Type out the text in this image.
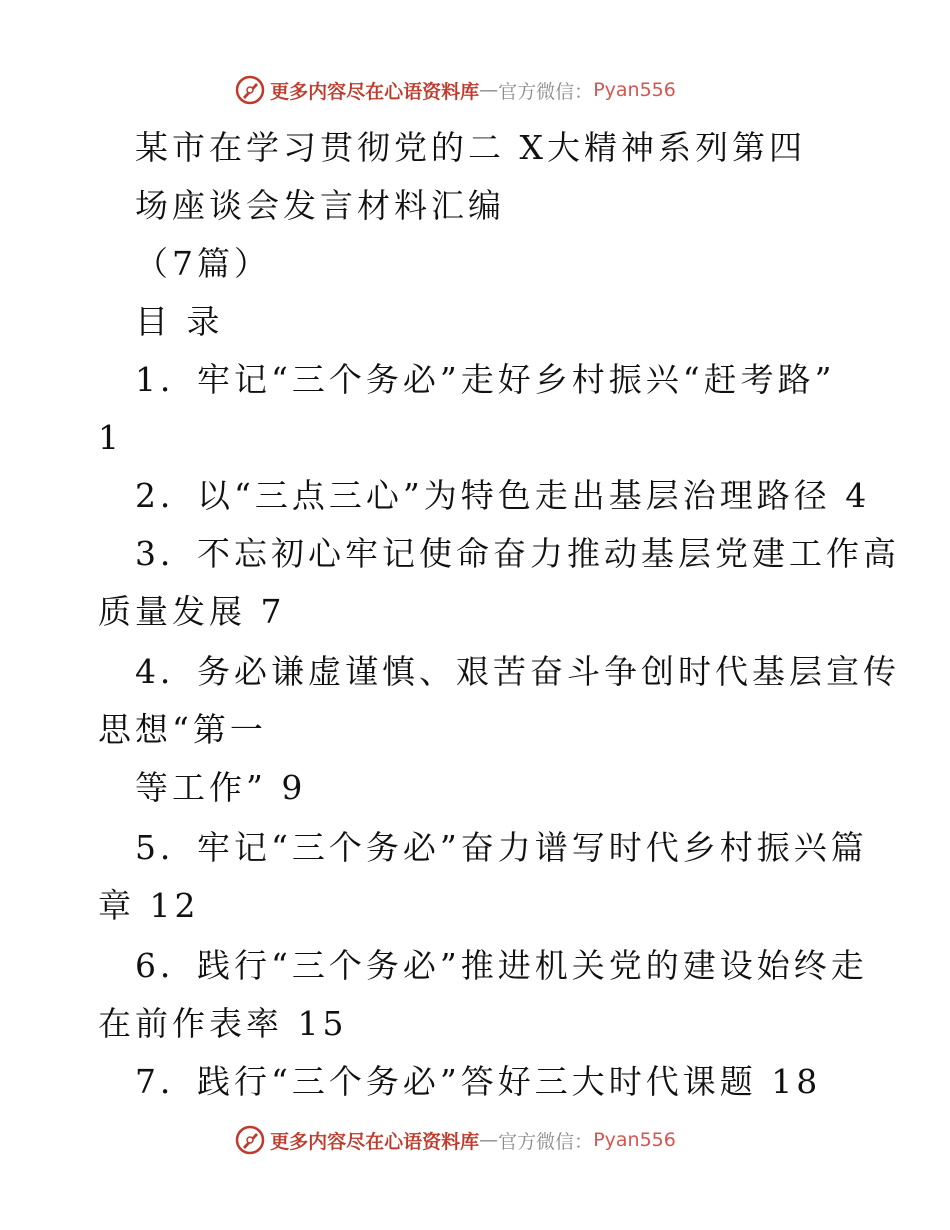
更多内容尽在心语资料库 — 官方微信： Pyan556
某市在学习贯彻党的二 X大精神系列第四
场座谈会发言材料汇编
（7篇）
目 录
1．牢记“三个务必”走好乡村振兴“赶考路”
1
2．以“三点三心”为特色走出基层治理路径 4
3．不忘初心牢记使命奋力推动基层党建工作高
质量发展 7
4．务必谦虚谨慎、艰苦奋斗争创时代基层宣传
思想“第一
等工作” 9
5．牢记“三个务必”奋力谱写时代乡村振兴篇
章 12
6．践行“三个务必”推进机关党的建设始终走
在前作表率 15
7．践行“三个务必”答好三大时代课题 18
更多内容尽在心语资料库 — 官方微信： Pyan556
